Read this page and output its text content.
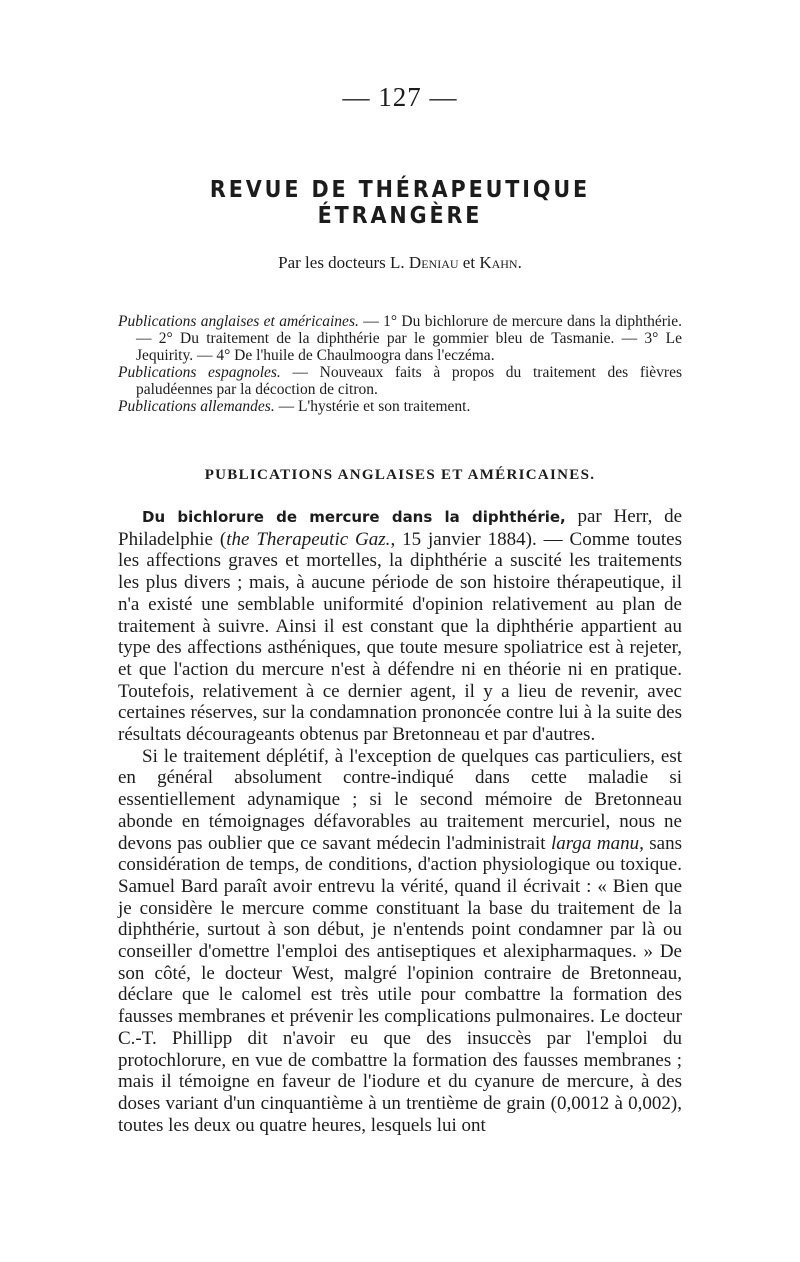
— 127 —
REVUE DE THÉRAPEUTIQUE ÉTRANGÈRE
Par les docteurs L. Deniau et Kahn.

Publications anglaises et américaines. — 1° Du bichlorure de mercure dans la diphthérie. — 2° Du traitement de la diphthérie par le gommier bleu de Tasmanie. — 3° Le Jequirity. — 4° De l'huile de Chaulmoogra dans l'eczéma.

Publications espagnoles. — Nouveaux faits à propos du traitement des fièvres paludéennes par la décoction de citron.

Publications allemandes. — L'hystérie et son traitement.

PUBLICATIONS ANGLAISES ET AMÉRICAINES.

Du bichlorure de mercure dans la diphthérie, par Herr, de Philadelphie (the Therapeutic Gaz., 15 janvier 1884). — Comme toutes les affections graves et mortelles, la diphthérie a suscité les traitements les plus divers ; mais, à aucune période de son histoire thérapeutique, il n'a existé une semblable uniformité d'opinion relativement au plan de traitement à suivre. Ainsi il est constant que la diphthérie appartient au type des affections asthéniques, que toute mesure spoliatrice est à rejeter, et que l'action du mercure n'est à défendre ni en théorie ni en pratique. Toutefois, relativement à ce dernier agent, il y a lieu de revenir, avec certaines réserves, sur la condamnation prononcée contre lui à la suite des résultats décourageants obtenus par Bretonneau et par d'autres.

Si le traitement déplétif, à l'exception de quelques cas particuliers, est en général absolument contre-indiqué dans cette maladie si essentiellement adynamique ; si le second mémoire de Bretonneau abonde en témoignages défavorables au traitement mercuriel, nous ne devons pas oublier que ce savant médecin l'administrait larga manu, sans considération de temps, de conditions, d'action physiologique ou toxique. Samuel Bard paraît avoir entrevu la vérité, quand il écrivait : « Bien que je considère le mercure comme constituant la base du traitement de la diphthérie, surtout à son début, je n'entends point condamner par là ou conseiller d'omettre l'emploi des antiseptiques et alexipharmaques. » De son côté, le docteur West, malgré l'opinion contraire de Bretonneau, déclare que le calomel est très utile pour combattre la formation des fausses membranes et prévenir les complications pulmonaires. Le docteur C.-T. Phillipp dit n'avoir eu que des insuccès par l'emploi du protochlorure, en vue de combattre la formation des fausses membranes ; mais il témoigne en faveur de l'iodure et du cyanure de mercure, à des doses variant d'un cinquantième à un trentième de grain (0,0012 à 0,002), toutes les deux ou quatre heures, lesquels lui ont
